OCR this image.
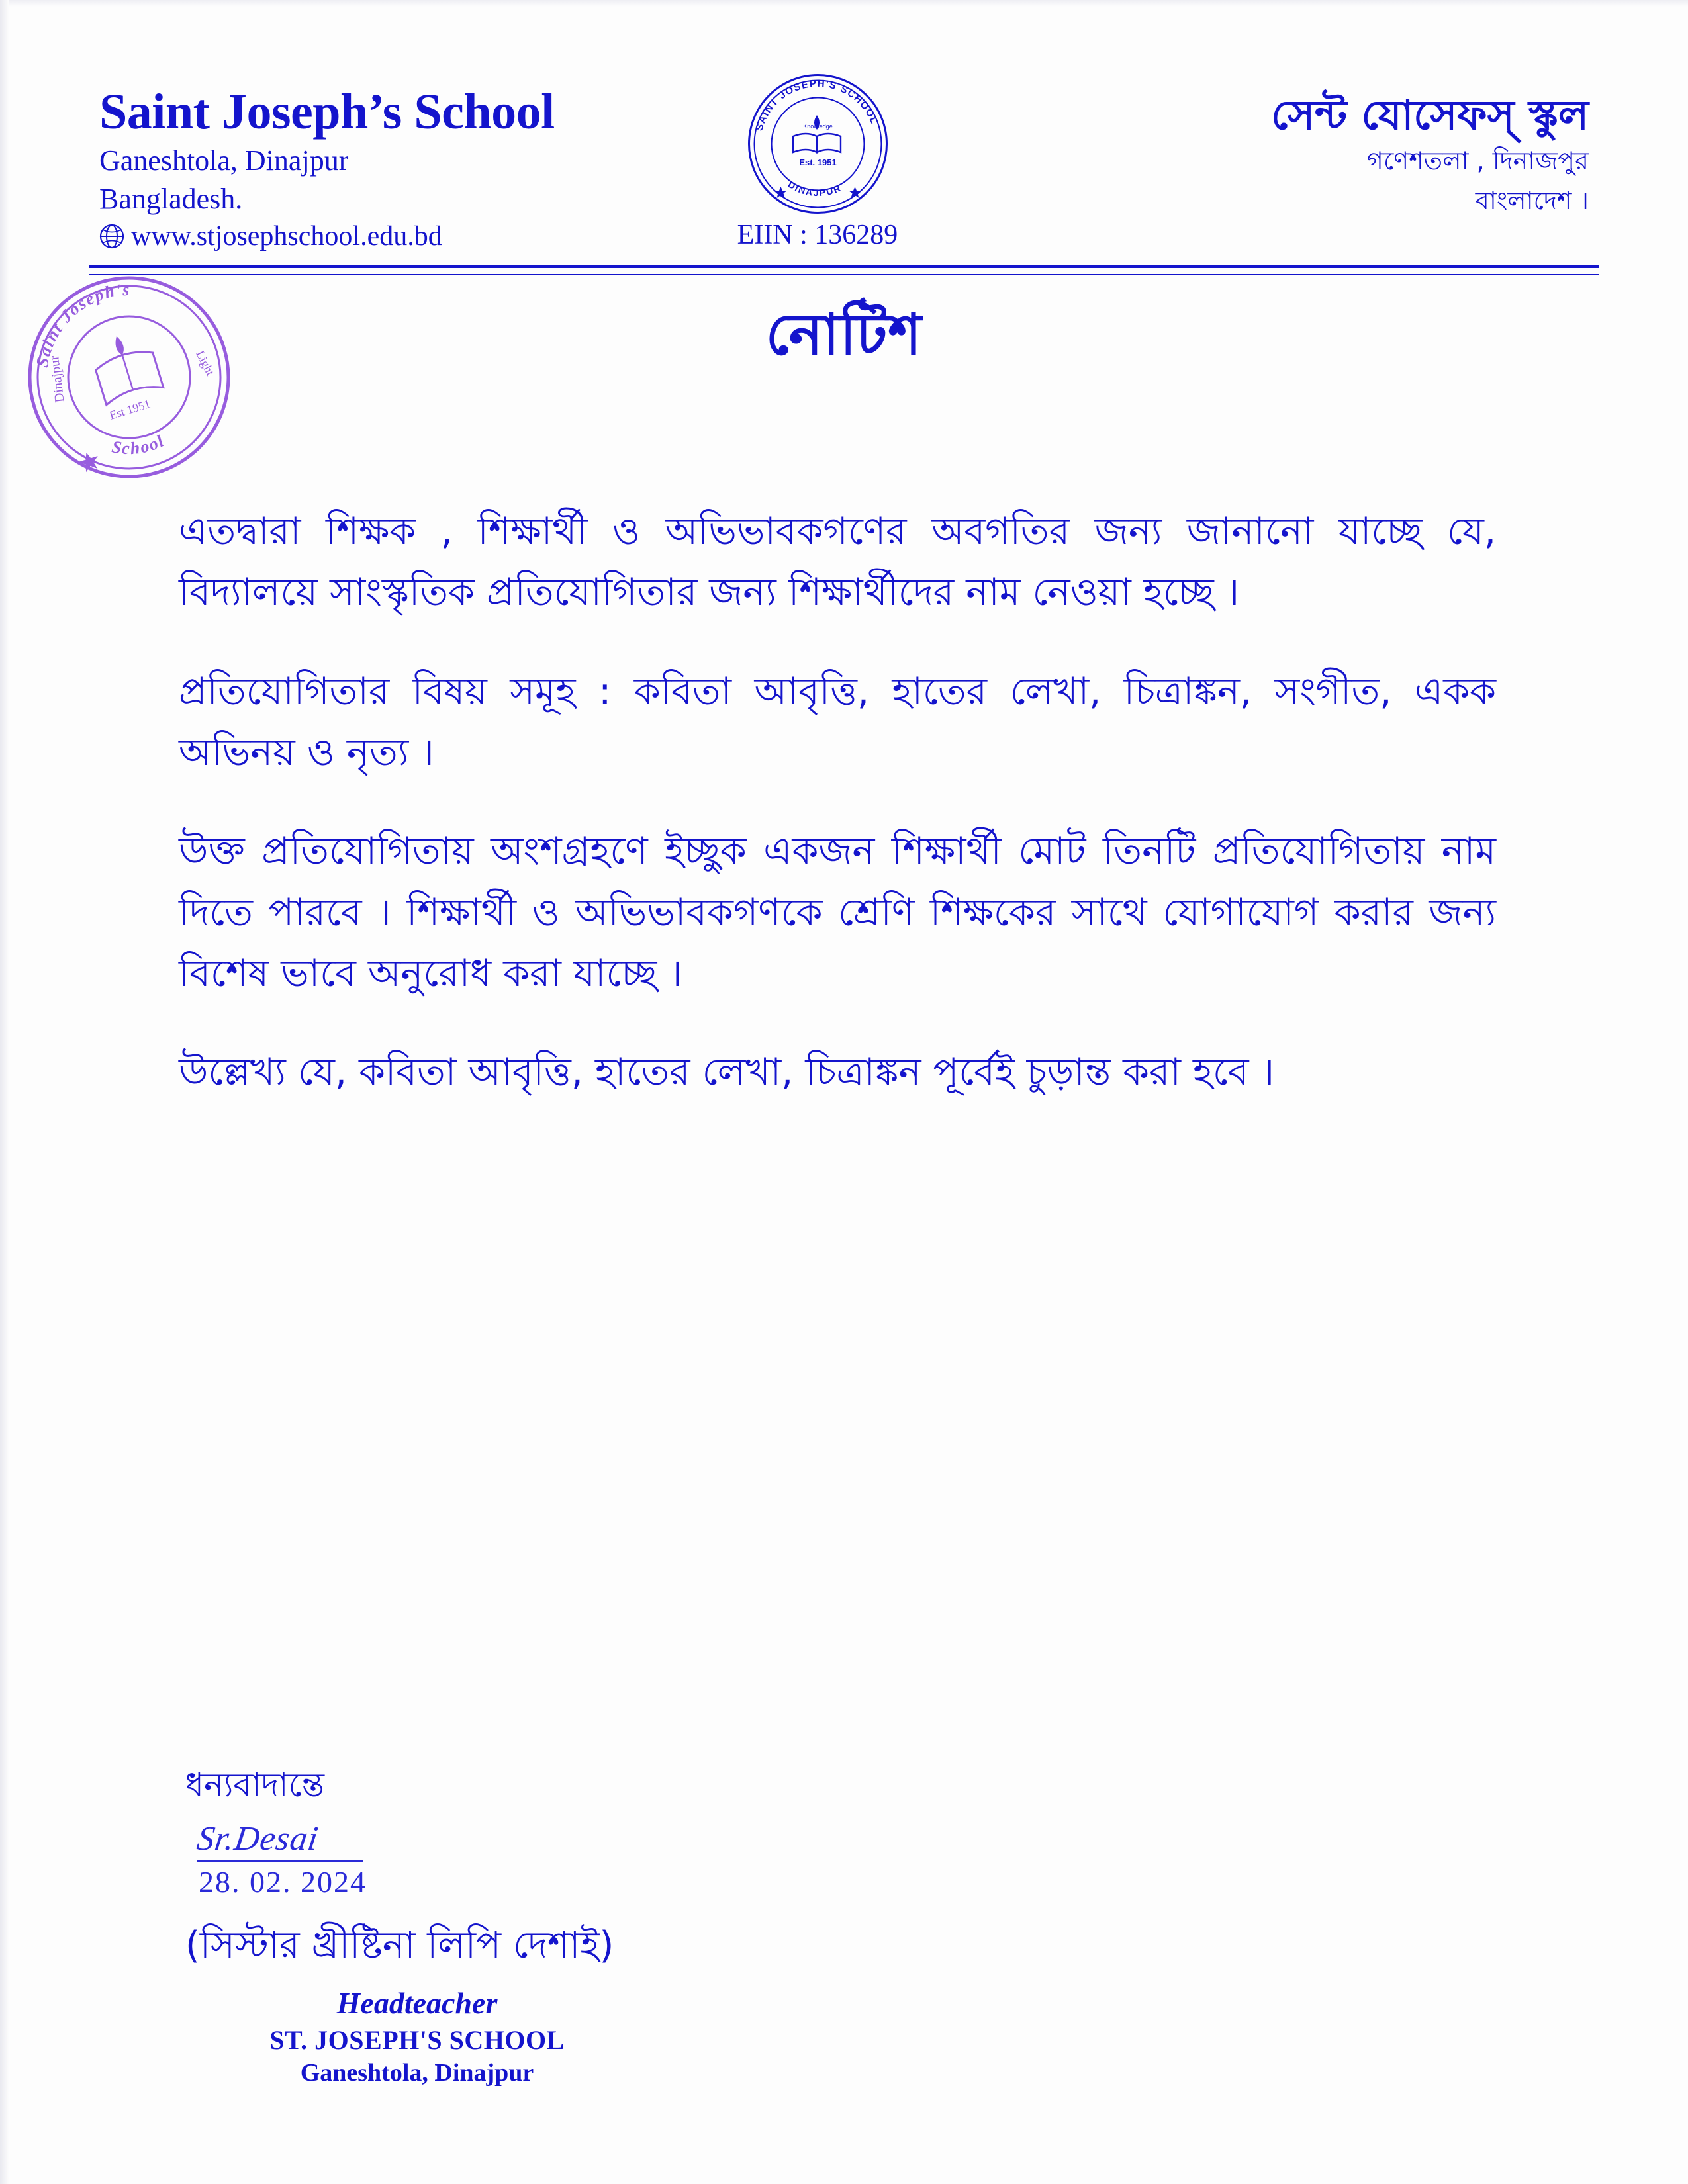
Saint Joseph’s School
Ganeshtola, Dinajpur
Bangladesh.
www.stjosephschool.edu.bd
SAINT JOSEPH'S SCHOOL
DINAJPUR
Est. 1951
Knowledge
EIIN : 136289
সেন্ট যোসেফস্ স্কুল
গণেশতলা , দিনাজপুর
বাংলাদেশ ।
Saint Joseph's
School
Dinajpur	Light
Est 1951
নোটিশ

এতদ্বারা শিক্ষক , শিক্ষার্থী ও অভিভাবকগণের অবগতির জন্য জানানো যাচ্ছে যে, বিদ্যালয়ে সাংস্কৃতিক প্রতিযোগিতার জন্য শিক্ষার্থীদের নাম নেওয়া হচ্ছে ।

প্রতিযোগিতার বিষয় সমূহ : কবিতা আবৃত্তি, হাতের লেখা, চিত্রাঙ্কন, সংগীত, একক অভিনয় ও নৃত্য ।

উক্ত প্রতিযোগিতায় অংশগ্রহণে ইচ্ছুক একজন শিক্ষার্থী মোট তিনটি প্রতিযোগিতায় নাম দিতে পারবে । শিক্ষার্থী ও অভিভাবকগণকে শ্রেণি শিক্ষকের সাথে যোগাযোগ করার জন্য বিশেষ ভাবে অনুরোধ করা যাচ্ছে ।

উল্লেখ্য যে, কবিতা আবৃত্তি, হাতের লেখা, চিত্রাঙ্কন পূর্বেই চুড়ান্ত করা হবে ।

ধন্যবাদান্তে
Sr.Desai
28. 02. 2024
(সিস্টার খ্রীষ্টিনা লিপি দেশাই)
Headteacher
ST. JOSEPH'S SCHOOL
Ganeshtola, Dinajpur
